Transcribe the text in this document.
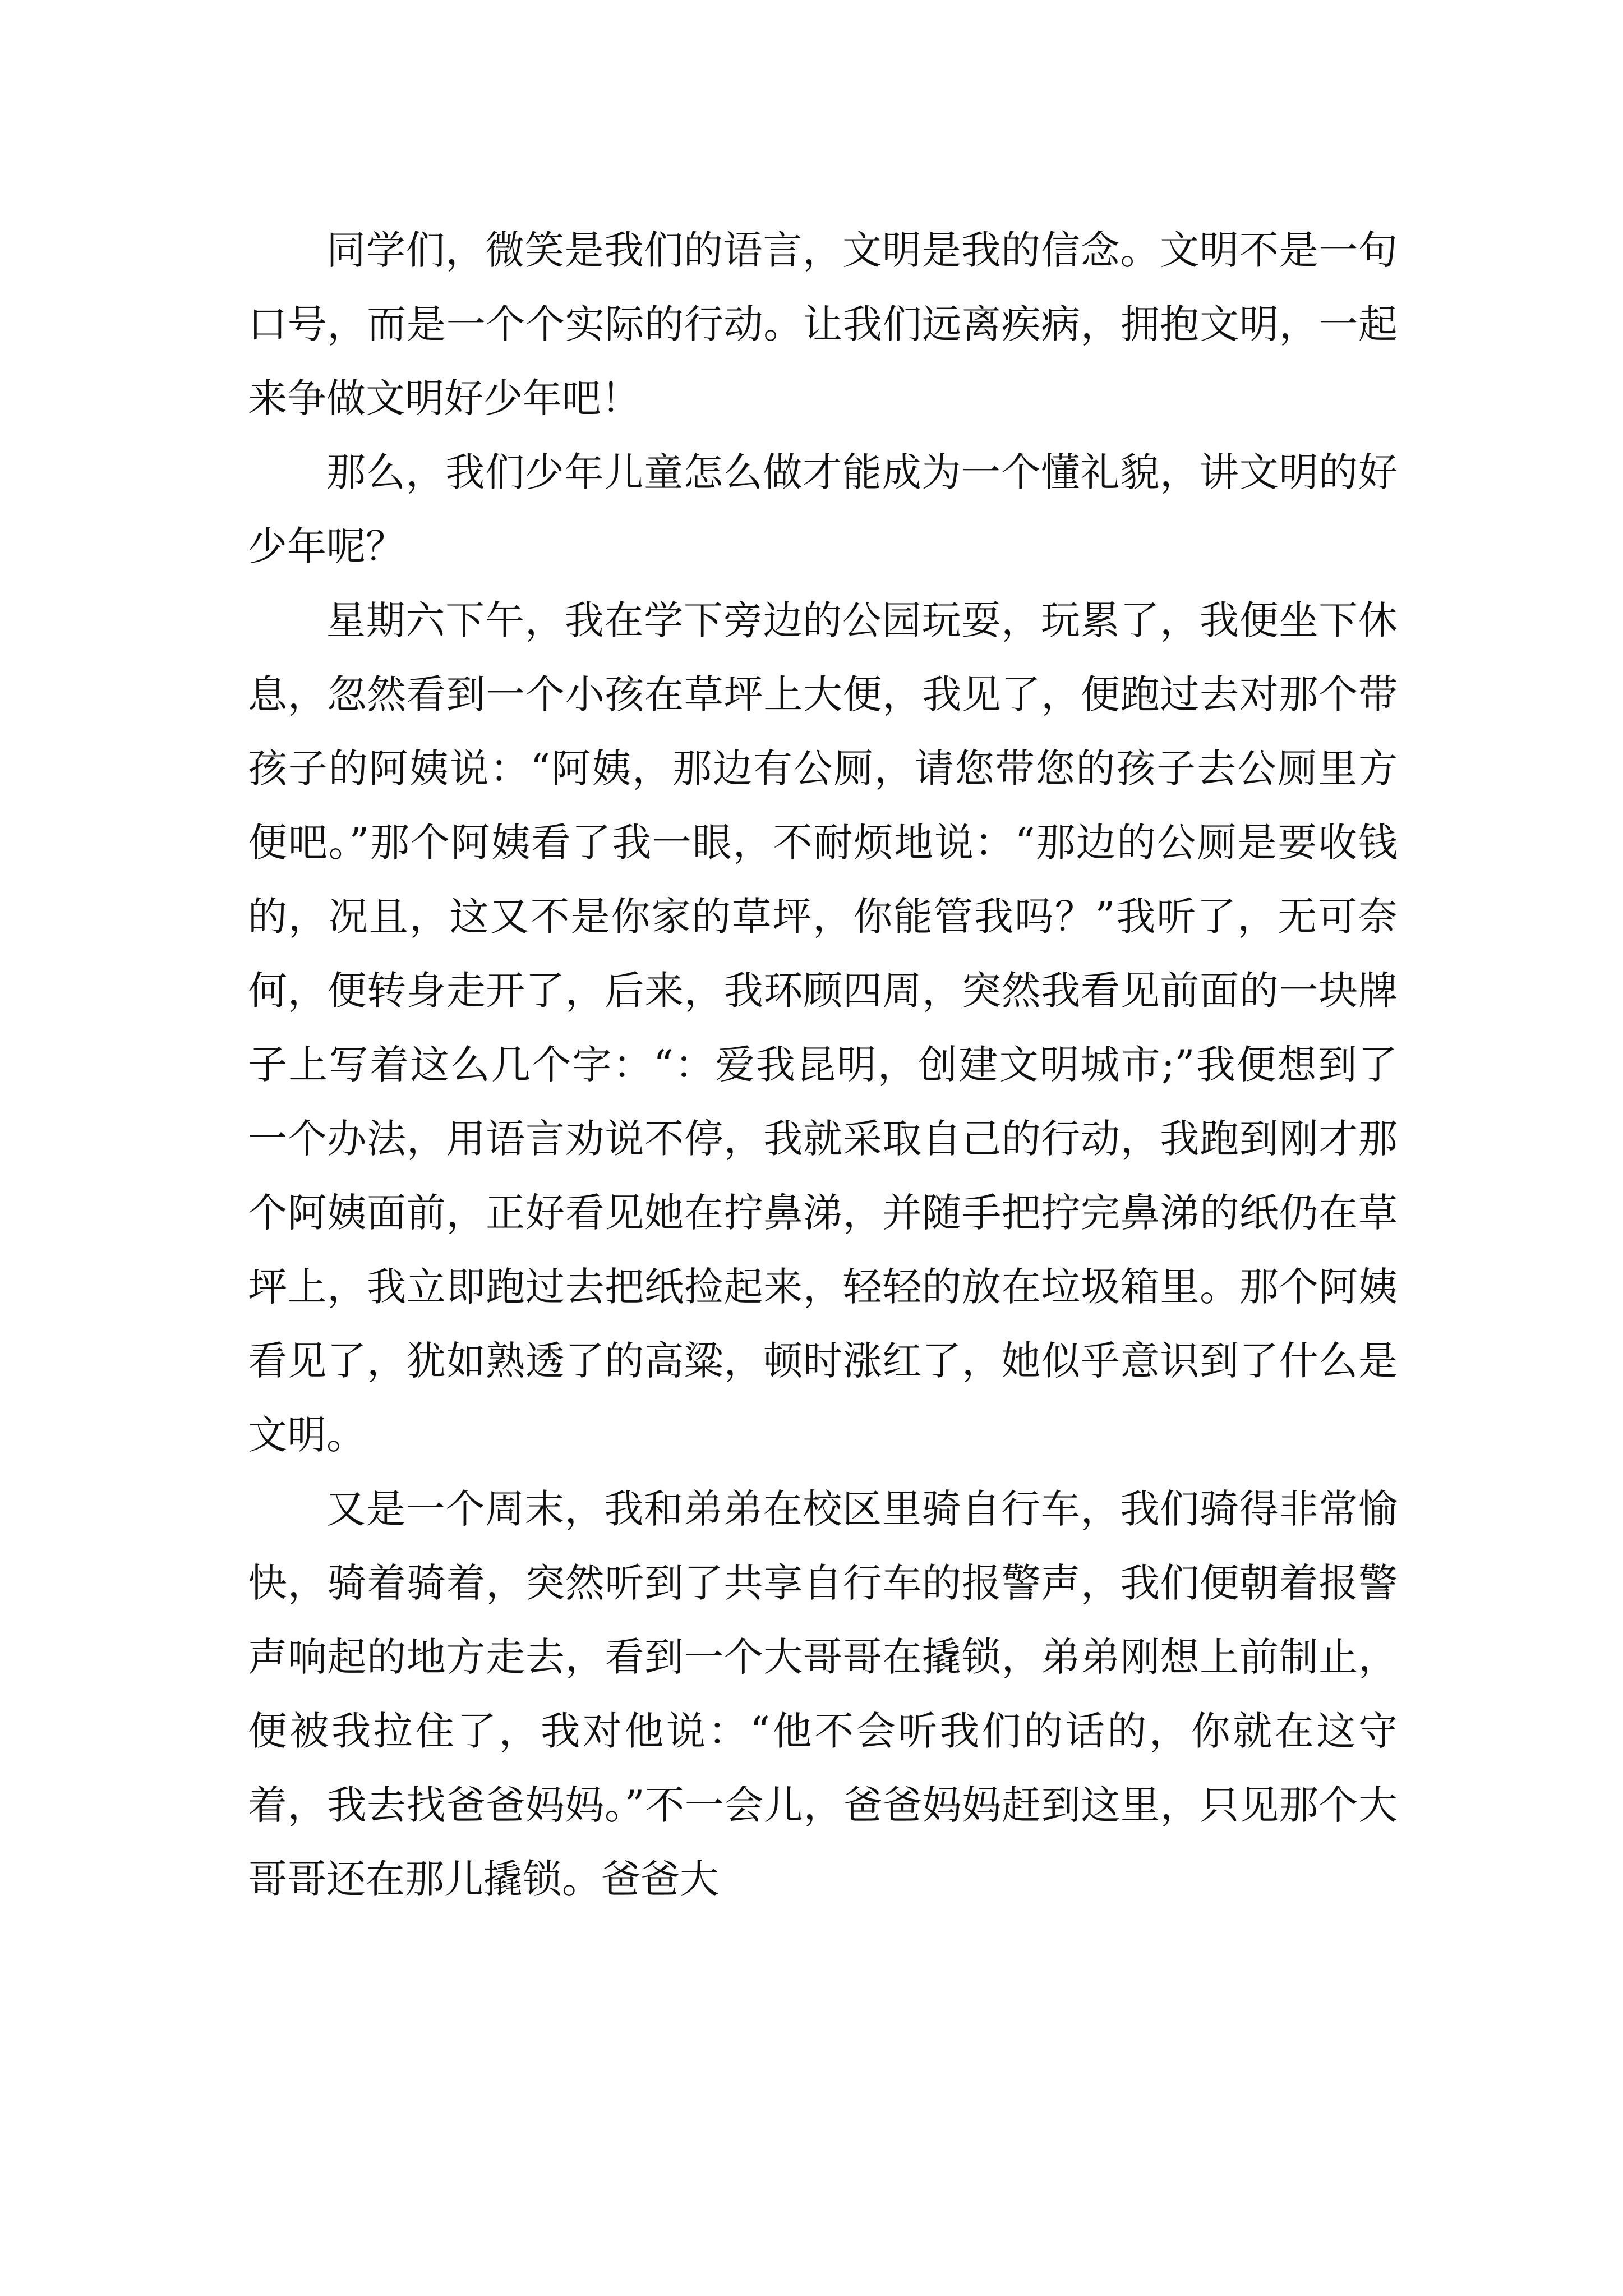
同学们，微笑是我们的语言，文明是我的信念。文明不是一句口号，而是一个个实际的行动。让我们远离疾病，拥抱文明，一起来争做文明好少年吧！

那么，我们少年儿童怎么做才能成为一个懂礼貌，讲文明的好少年呢？

星期六下午，我在学下旁边的公园玩耍，玩累了，我便坐下休息，忽然看到一个小孩在草坪上大便，我见了，便跑过去对那个带孩子的阿姨说：“阿姨，那边有公厕，请您带您的孩子去公厕里方便吧。”那个阿姨看了我一眼，不耐烦地说：“那边的公厕是要收钱的，况且，这又不是你家的草坪，你能管我吗？”我听了，无可奈何，便转身走开了，后来，我环顾四周，突然我看见前面的一块牌子上写着这么几个字：“：爱我昆明，创建文明城市;”我便想到了一个办法，用语言劝说不停，我就采取自己的行动，我跑到刚才那个阿姨面前，正好看见她在拧鼻涕，并随手把拧完鼻涕的纸仍在草坪上，我立即跑过去把纸捡起来，轻轻的放在垃圾箱里。那个阿姨看见了，犹如熟透了的高粱，顿时涨红了，她似乎意识到了什么是文明。

又是一个周末，我和弟弟在校区里骑自行车，我们骑得非常愉快，骑着骑着，突然听到了共享自行车的报警声，我们便朝着报警声响起的地方走去，看到一个大哥哥在撬锁，弟弟刚想上前制止，便被我拉住了，我对他说：“他不会听我们的话的，你就在这守着，我去找爸爸妈妈。”不一会儿，爸爸妈妈赶到这里，只见那个大哥哥还在那儿撬锁。爸爸大
